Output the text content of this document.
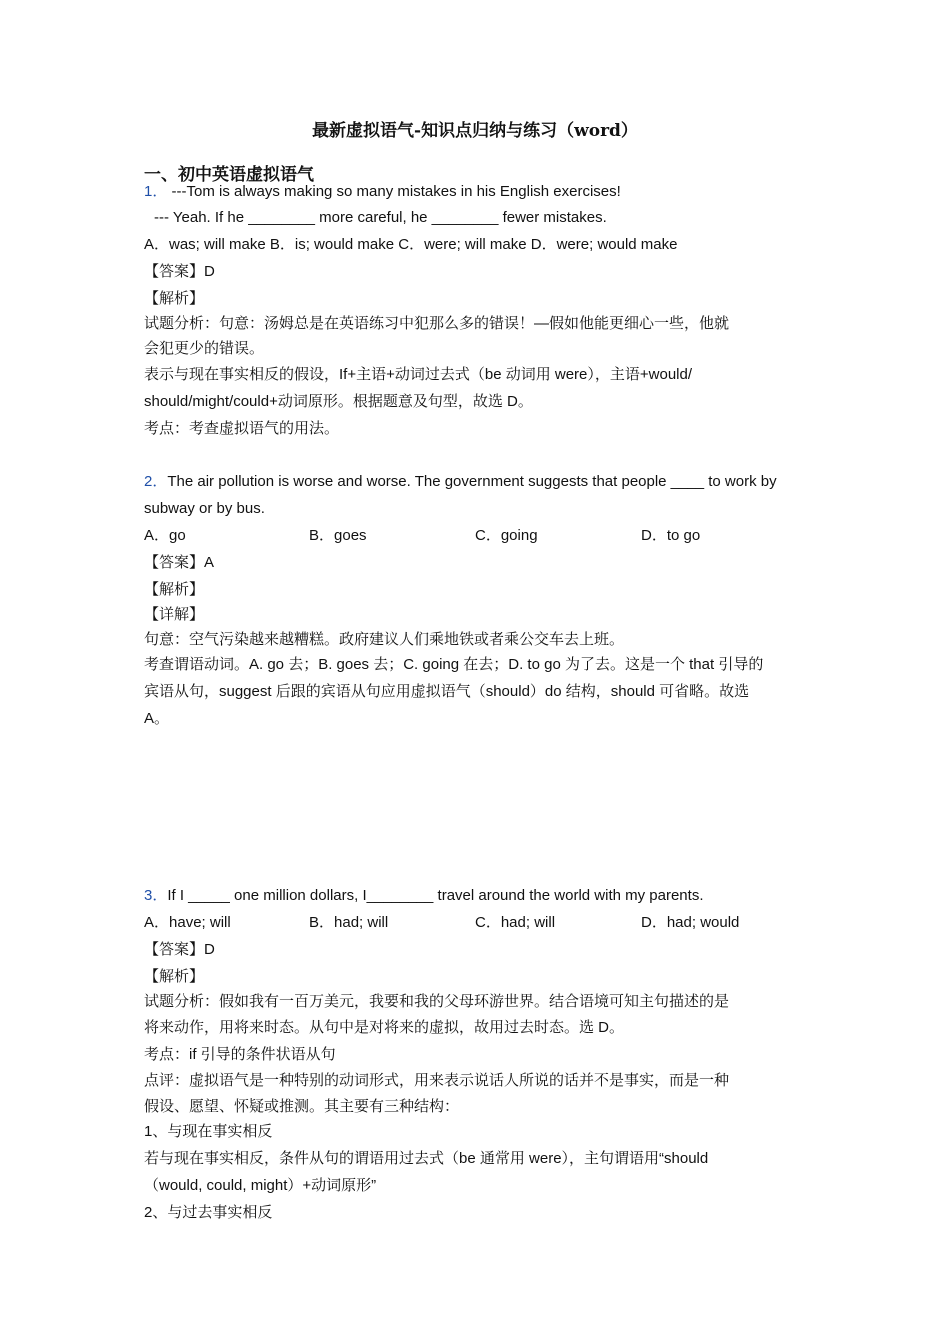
最新虚拟语气-知识点归纳与练习（word）
一、初中英语虚拟语气
1． ---Tom is always making so many mistakes in his English exercises!
--- Yeah. If he ________ more careful, he ________ fewer mistakes.
A．was; will make B．is; would make C．were; will make D．were; would make
【答案】D
【解析】
试题分析：句意：汤姆总是在英语练习中犯那么多的错误！—假如他能更细心一些，他就
会犯更少的错误。
表示与现在事实相反的假设，If+主语+动词过去式（be 动词用 were），主语+would/
should/might/could+动词原形。根据题意及句型，故选 D。
考点：考查虚拟语气的用法。
2．The air pollution is worse and worse. The government suggests that people ____ to work by
subway or by bus.
A．go	B．goes	C．going	D．to go
【答案】A
【解析】
【详解】
句意：空气污染越来越糟糕。政府建议人们乘地铁或者乘公交车去上班。
考查谓语动词。A. go 去；B. goes 去；C. going 在去；D. to go 为了去。这是一个 that 引导的
宾语从句，suggest 后跟的宾语从句应用虚拟语气（should）do 结构，should 可省略。故选
A。
3．If I _____ one million dollars, I________ travel around the world with my parents.
A．have; will	B．had; will	C．had; will	D．had; would
【答案】D
【解析】
试题分析：假如我有一百万美元，我要和我的父母环游世界。结合语境可知主句描述的是
将来动作，用将来时态。从句中是对将来的虚拟，故用过去时态。选 D。
考点：if 引导的条件状语从句
点评：虚拟语气是一种特别的动词形式，用来表示说话人所说的话并不是事实，而是一种
假设、愿望、怀疑或推测。其主要有三种结构：
1、与现在事实相反
若与现在事实相反，条件从句的谓语用过去式（be 通常用 were），主句谓语用“should
（would, could, might）+动词原形”
2、与过去事实相反
